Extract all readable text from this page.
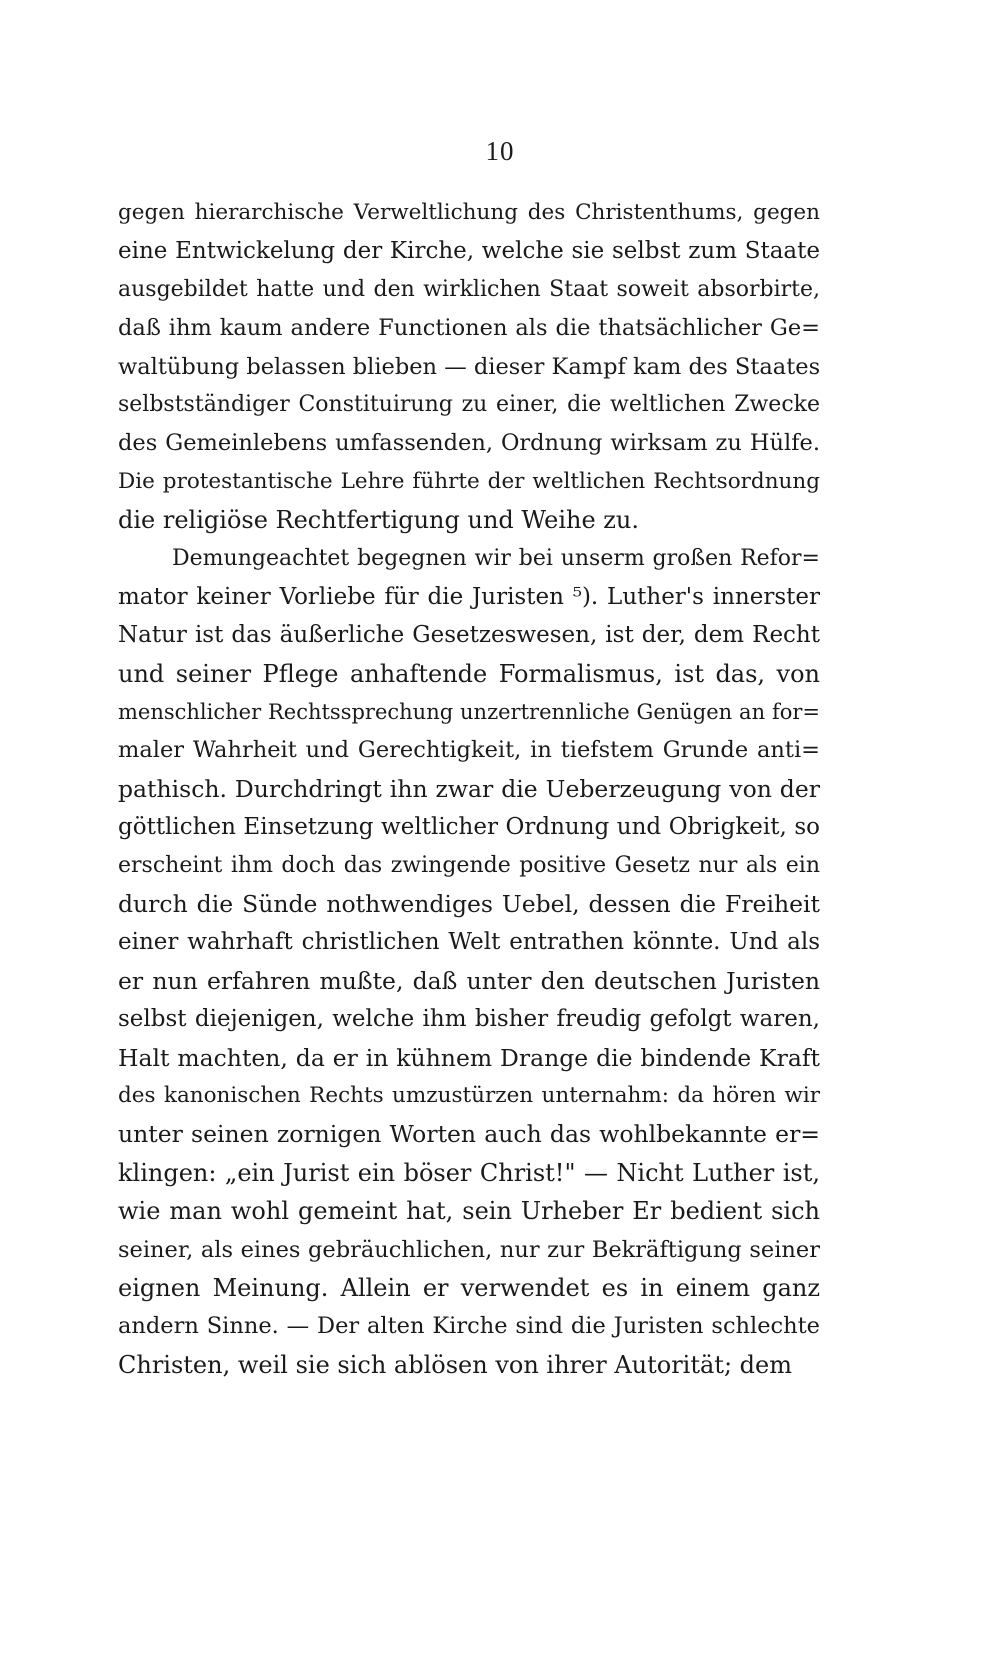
10
gegen hierarchische Verweltlichung des Christenthums, gegen
eine Entwickelung der Kirche, welche sie selbst zum Staate
ausgebildet hatte und den wirklichen Staat soweit absorbirte,
daß ihm kaum andere Functionen als die thatsächlicher Ge=
waltübung belassen blieben — dieser Kampf kam des Staates
selbstständiger Constituirung zu einer, die weltlichen Zwecke
des Gemeinlebens umfassenden, Ordnung wirksam zu Hülfe.
Die protestantische Lehre führte der weltlichen Rechtsordnung
die religiöse Rechtfertigung und Weihe zu.
Demungeachtet begegnen wir bei unserm großen Refor=
mator keiner Vorliebe für die Juristen ⁵). Luther's innerster
Natur ist das äußerliche Gesetzeswesen, ist der, dem Recht
und seiner Pflege anhaftende Formalismus, ist das, von
menschlicher Rechtssprechung unzertrennliche Genügen an for=
maler Wahrheit und Gerechtigkeit, in tiefstem Grunde anti=
pathisch. Durchdringt ihn zwar die Ueberzeugung von der
göttlichen Einsetzung weltlicher Ordnung und Obrigkeit, so
erscheint ihm doch das zwingende positive Gesetz nur als ein
durch die Sünde nothwendiges Uebel, dessen die Freiheit
einer wahrhaft christlichen Welt entrathen könnte. Und als
er nun erfahren mußte, daß unter den deutschen Juristen
selbst diejenigen, welche ihm bisher freudig gefolgt waren,
Halt machten, da er in kühnem Drange die bindende Kraft
des kanonischen Rechts umzustürzen unternahm: da hören wir
unter seinen zornigen Worten auch das wohlbekannte er=
klingen: „ein Jurist ein böser Christ!" — Nicht Luther ist,
wie man wohl gemeint hat, sein Urheber Er bedient sich
seiner, als eines gebräuchlichen, nur zur Bekräftigung seiner
eignen Meinung. Allein er verwendet es in einem ganz
andern Sinne. — Der alten Kirche sind die Juristen schlechte
Christen, weil sie sich ablösen von ihrer Autorität; dem
